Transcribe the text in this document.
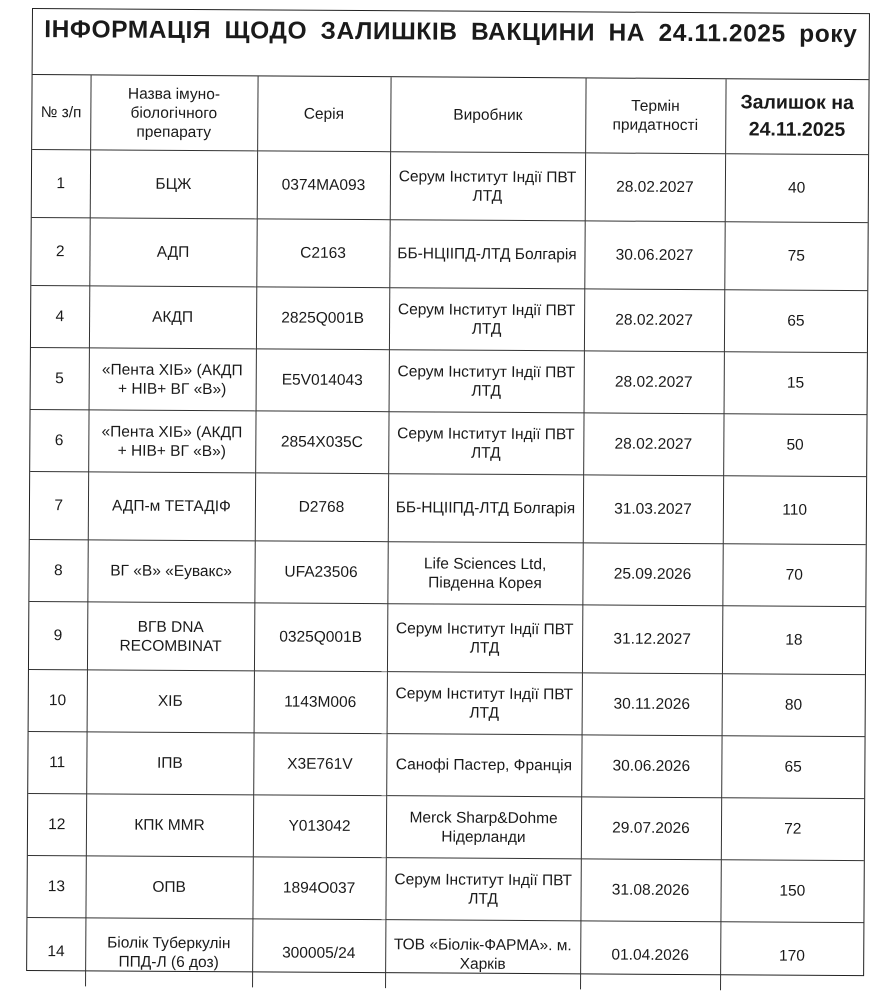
ІНФОРМАЦІЯ ЩОДО ЗАЛИШКІВ ВАКЦИНИ НА 24.11.2025 року
№ з/п	Назва імуно-біологічного препарату	Серія	Виробник	Термін придатності	Залишок на 24.11.2025
1	БЦЖ	0374МА093	Серум Інститут Індії ПВТ ЛТД	28.02.2027	40
2	АДП	С2163	ББ-НЦІІПД-ЛТД Болгарія	30.06.2027	75
4	АКДП	2825Q001B	Серум Інститут Індії ПВТ ЛТД	28.02.2027	65
5	«Пента ХІБ» (АКДП + НІВ+ ВГ «В»)	E5V014043	Серум Інститут Індії ПВТ ЛТД	28.02.2027	15
6	«Пента ХІБ» (АКДП + НІВ+ ВГ «В»)	2854Х035С	Серум Інститут Індії ПВТ ЛТД	28.02.2027	50
7	АДП-м ТЕТАДІФ	D2768	ББ-НЦІІПД-ЛТД Болгарія	31.03.2027	110
8	ВГ «В» «Еувакс»	UFA23506	Life Sciences Ltd, Південна Корея	25.09.2026	70
9	ВГВ DNA RECOMBINAT	0325Q001B	Серум Інститут Індії ПВТ ЛТД	31.12.2027	18
10	ХІБ	1143М006	Серум Інститут Індії ПВТ ЛТД	30.11.2026	80
11	ІПВ	Х3Е761V	Санофі Пастер, Франція	30.06.2026	65
12	КПК MMR	Y013042	Merck Sharp&Dohme Нідерланди	29.07.2026	72
13	ОПВ	1894О037	Серум Інститут Індії ПВТ ЛТД	31.08.2026	150
14	Біолік Туберкулін ППД-Л (6 доз)	300005/24	ТОВ «Біолік-ФАРМА». м. Харків	01.04.2026	170
